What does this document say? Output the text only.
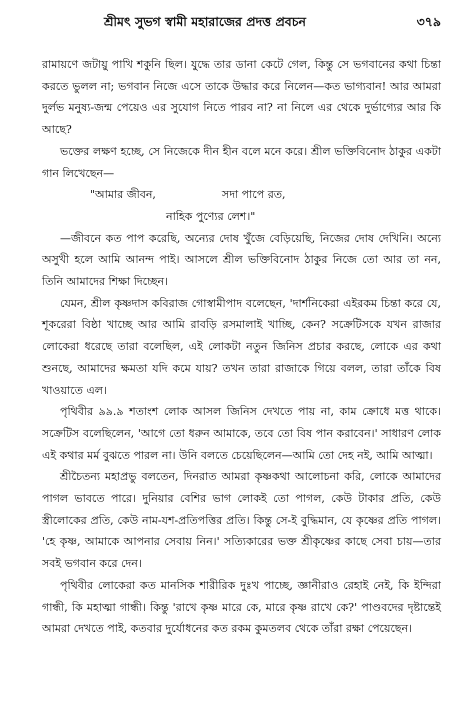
শ্রীমৎ সুভগ স্বামী মহারাজের প্রদত্ত প্রবচন	৩৭৯

রামায়ণে জটায়ু পাখি শকুনি ছিল। যুদ্ধে তার ডানা কেটে গেল, কিন্তু সে ভগবানের কথা চিন্তা করতে ভুলল না; ভগবান নিজে এসে তাকে উদ্ধার করে নিলেন—কত ভাগ্যবান! আর আমরা দুর্লভ মনুষ্য-জন্ম পেয়েও এর সুযোগ নিতে পারব না? না নিলে এর থেকে দুর্ভাগ্যের আর কি আছে?

ভক্তের লক্ষণ হচ্ছে, সে নিজেকে দীন হীন বলে মনে করে। শ্রীল ভক্তিবিনোদ ঠাকুর একটা গান লিখেছেন—

"আমার জীবন,	সদা পাপে রত,
নাহিক পুণ্যের লেশ।"

—জীবনে কত পাপ করেছি, অন্যের দোষ খুঁজে বেড়িয়েছি, নিজের দোষ দেখিনি। অন্যে অসুখী হলে আমি আনন্দ পাই। আসলে শ্রীল ভক্তিবিনোদ ঠাকুর নিজে তো আর তা নন, তিনি আমাদের শিক্ষা দিচ্ছেন।

যেমন, শ্রীল কৃষ্ণদাস কবিরাজ গোস্বামীপাদ বলেছেন, 'দার্শনিকেরা এইরকম চিন্তা করে যে, শূকরেরা বিষ্ঠা খাচ্ছে আর আমি রাবড়ি রসমালাই খাচ্ছি, কেন? সক্রেটিসকে যখন রাজার লোকেরা ধরেছে তারা বলেছিল, এই লোকটা নতুন জিনিস প্রচার করছে, লোকে এর কথা শুনছে, আমাদের ক্ষমতা যদি কমে যায়? তখন তারা রাজাকে গিয়ে বলল, তারা তাঁকে বিষ খাওয়াতে এল।

পৃথিবীর ৯৯.৯ শতাংশ লোক আসল জিনিস দেখতে পায় না, কাম ক্রোধে মত্ত থাকে। সক্রেটিস বলেছিলেন, 'আগে তো ধরুন আমাকে, তবে তো বিষ পান করাবেন।' সাধারণ লোক এই কথার মর্ম বুঝতে পারল না। উনি বলতে চেয়েছিলেন—আমি তো দেহ নই, আমি আত্মা।

শ্রীচৈতন্য মহাপ্রভু বলতেন, দিনরাত আমরা কৃষ্ণকথা আলোচনা করি, লোকে আমাদের পাগল ভাবতে পারে। দুনিয়ার বেশির ভাগ লোকই তো পাগল, কেউ টাকার প্রতি, কেউ স্ত্রীলোকের প্রতি, কেউ নাম-যশ-প্রতিপত্তির প্রতি। কিন্তু সে-ই বুদ্ধিমান, যে কৃষ্ণের প্রতি পাগল। 'হে কৃষ্ণ, আমাকে আপনার সেবায় নিন।' সত্যিকারের ভক্ত শ্রীকৃষ্ণের কাছে সেবা চায়—তার সবই ভগবান করে দেন।

পৃথিবীর লোকেরা কত মানসিক শারীরিক দুঃখ পাচ্ছে, জ্ঞানীরাও রেহাই নেই, কি ইন্দিরা গান্ধী, কি মহাত্মা গান্ধী। কিন্তু 'রাখে কৃষ্ণ মারে কে, মারে কৃষ্ণ রাখে কে?' পাণ্ডবদের দৃষ্টান্তেই আমরা দেখতে পাই, কতবার দুর্যোধনের কত রকম কুমতলব থেকে তাঁরা রক্ষা পেয়েছেন।
